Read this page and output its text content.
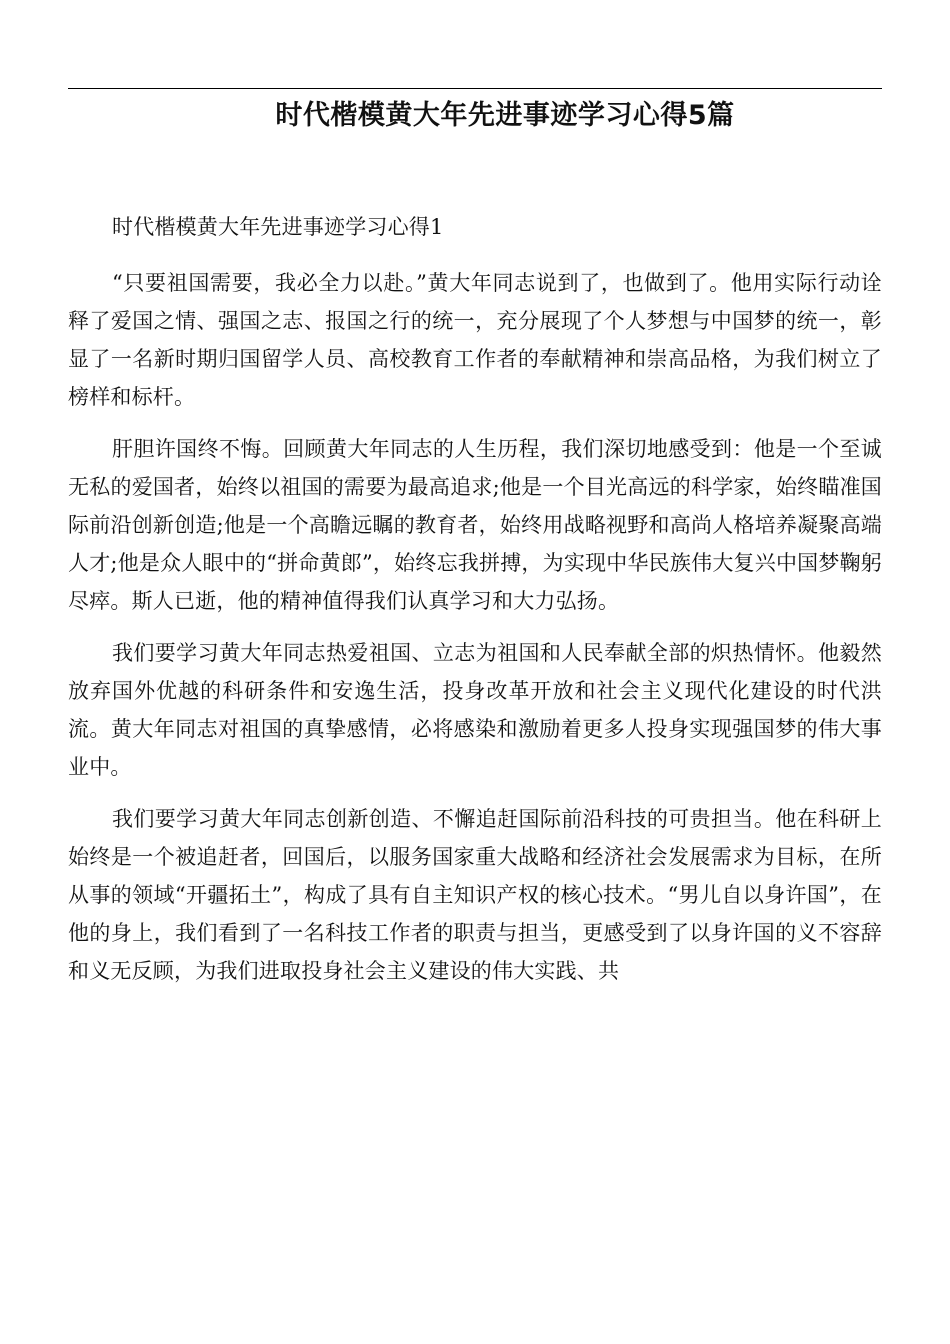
时代楷模黄大年先进事迹学习心得5篇

时代楷模黄大年先进事迹学习心得1

“只要祖国需要，我必全力以赴。”黄大年同志说到了，也做到了。他用实际行动诠释了爱国之情、强国之志、报国之行的统一，充分展现了个人梦想与中国梦的统一，彰显了一名新时期归国留学人员、高校教育工作者的奉献精神和崇高品格，为我们树立了榜样和标杆。

肝胆许国终不悔。回顾黄大年同志的人生历程，我们深切地感受到：他是一个至诚无私的爱国者，始终以祖国的需要为最高追求;他是一个目光高远的科学家，始终瞄准国际前沿创新创造;他是一个高瞻远瞩的教育者，始终用战略视野和高尚人格培养凝聚高端人才;他是众人眼中的“拼命黄郎”，始终忘我拼搏，为实现中华民族伟大复兴中国梦鞠躬尽瘁。斯人已逝，他的精神值得我们认真学习和大力弘扬。

我们要学习黄大年同志热爱祖国、立志为祖国和人民奉献全部的炽热情怀。他毅然放弃国外优越的科研条件和安逸生活，投身改革开放和社会主义现代化建设的时代洪流。黄大年同志对祖国的真挚感情，必将感染和激励着更多人投身实现强国梦的伟大事业中。

我们要学习黄大年同志创新创造、不懈追赶国际前沿科技的可贵担当。他在科研上始终是一个被追赶者，回国后，以服务国家重大战略和经济社会发展需求为目标，在所从事的领域“开疆拓土”，构成了具有自主知识产权的核心技术。“男儿自以身许国”，在他的身上，我们看到了一名科技工作者的职责与担当，更感受到了以身许国的义不容辞和义无反顾，为我们进取投身社会主义建设的伟大实践、共
